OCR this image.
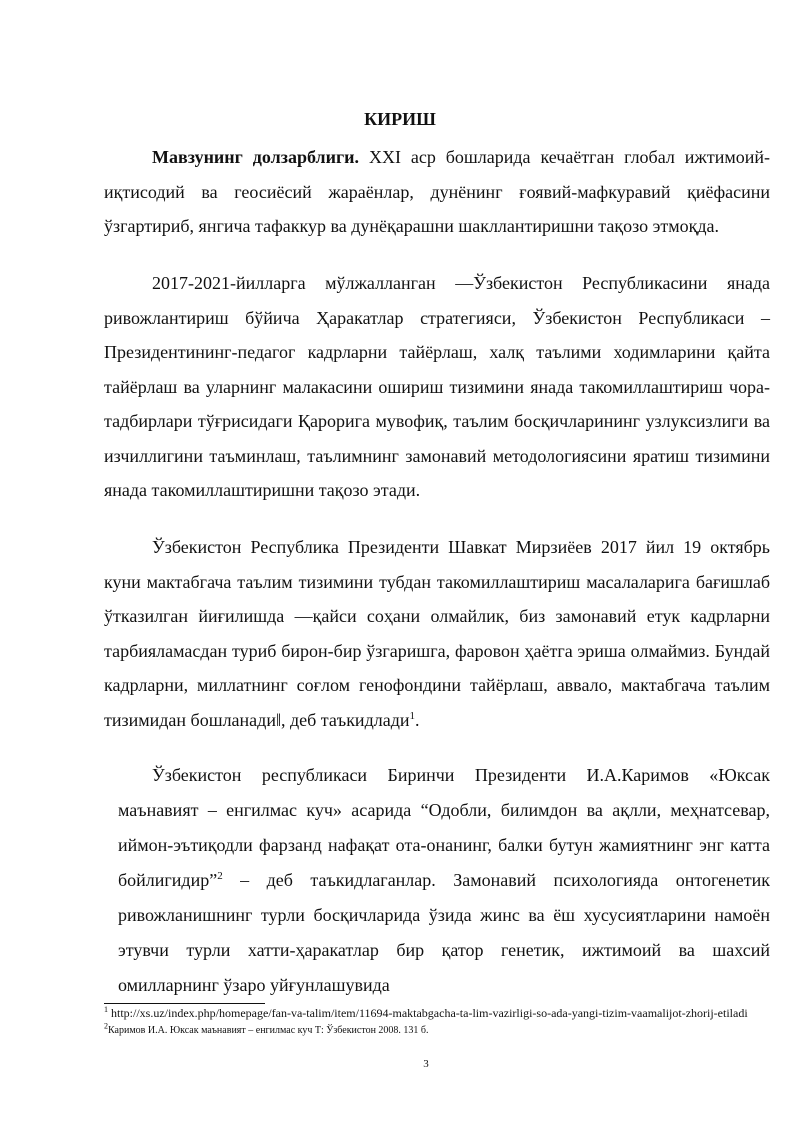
КИРИШ

Мавзунинг долзарблиги. XXI аср бошларида кечаётган глобал ижтимоий-иқтисодий ва геосиёсий жараёнлар, дунёнинг ғоявий-мафкуравий қиёфасини ўзгартириб, янгича тафаккур ва дунёқарашни шакллантиришни тақозо этмоқда.

2017-2021-йилларга мўлжалланган ―Ўзбекистон Республикасини янада ривожлантириш бўйича Ҳаракатлар стратегияси, Ўзбекистон Республикаси – Президентининг-педагог кадрларни тайёрлаш, халқ таълими ходимларини қайта тайёрлаш ва уларнинг малакасини ошириш тизимини янада такомиллаштириш чора-тадбирлари тўғрисидаги Қарорига мувофиқ, таълим босқичларининг узлуксизлиги ва изчиллигини таъминлаш, таълимнинг замонавий методологиясини яратиш тизимини янада такомиллаштиришни тақозо этади.

Ўзбекистон Республика Президенти Шавкат Мирзиёев 2017 йил 19 октябрь куни мактабгача таълим тизимини тубдан такомиллаштириш масалаларига бағишлаб ўтказилган йиғилишда ―қайси соҳани олмайлик, биз замонавий етук кадрларни тарбияламасдан туриб бирон-бир ўзгаришга, фаровон ҳаётга эриша олмаймиз. Бундай кадрларни, миллатнинг соғлом генофондини тайёрлаш, аввало, мактабгача таълим тизимидан бошланади‖, деб таъкидлади$^1$.

Ўзбекистон республикаси Биринчи Президенти И.А.Каримов «Юксак маънавият – енгилмас куч» асарида “Одобли, билимдон ва ақлли, меҳнатсевар, иймон-эътиқодли фарзанд нафақат ота-онанинг, балки бутун жамиятнинг энг катта бойлигидир”$^2$ – деб таъкидлаганлар. Замонавий психологияда онтогенетик ривожланишнинг турли босқичларида ўзида жинс ва ёш хусусиятларини намоён этувчи турли хатти-ҳаракатлар бир қатор генетик, ижтимоий ва шахсий омилларнинг ўзаро уйғунлашувида

$^1$ http://xs.uz/index.php/homepage/fan-va-talim/item/11694-maktabgacha-ta-lim-vazirligi-so-ada-yangi-tizim-vaamalijot-zhorij-etiladi

$^2$Каримов И.А. Юксак маънавият – енгилмас куч Т: Ўзбекистон 2008. 131 б.

3
